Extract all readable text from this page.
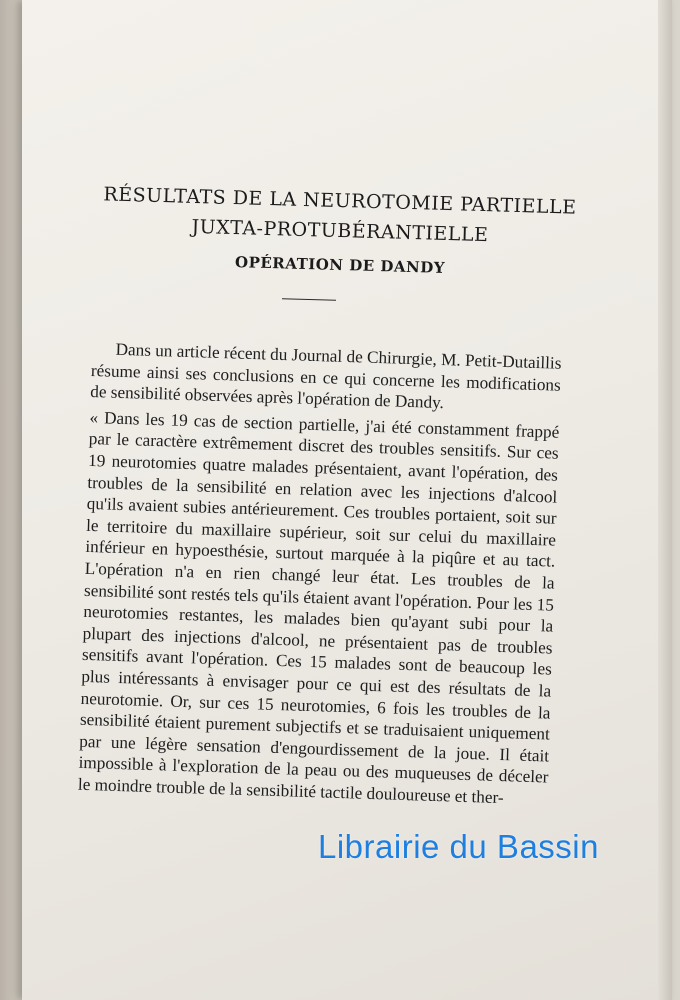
RÉSULTATS DE LA NEUROTOMIE PARTIELLE
JUXTA-PROTUBÉRANTIELLE
OPÉRATION DE DANDY

Dans un article récent du Journal de Chirurgie, M. Petit-Dutaillis résume ainsi ses conclusions en ce qui concerne les modifications de sensibilité observées après l'opération de Dandy.

« Dans les 19 cas de section partielle, j'ai été constamment frappé par le caractère extrêmement discret des troubles sensitifs. Sur ces 19 neurotomies quatre malades présentaient, avant l'opération, des troubles de la sensibilité en relation avec les injections d'alcool qu'ils avaient subies antérieurement. Ces troubles portaient, soit sur le territoire du maxillaire supérieur, soit sur celui du maxillaire inférieur en hypoesthésie, surtout marquée à la piqûre et au tact. L'opération n'a en rien changé leur état. Les troubles de la sensibilité sont restés tels qu'ils étaient avant l'opération. Pour les 15 neurotomies restantes, les malades bien qu'ayant subi pour la plupart des injections d'alcool, ne présentaient pas de troubles sensitifs avant l'opération. Ces 15 malades sont de beaucoup les plus intéressants à envisager pour ce qui est des résultats de la neurotomie. Or, sur ces 15 neurotomies, 6 fois les troubles de la sensibilité étaient purement subjectifs et se traduisaient uniquement par une légère sensation d'engourdissement de la joue. Il était impossible à l'exploration de la peau ou des muqueuses de déceler le moindre trouble de la sensibilité tactile douloureuse et ther-

Librairie du Bassin
